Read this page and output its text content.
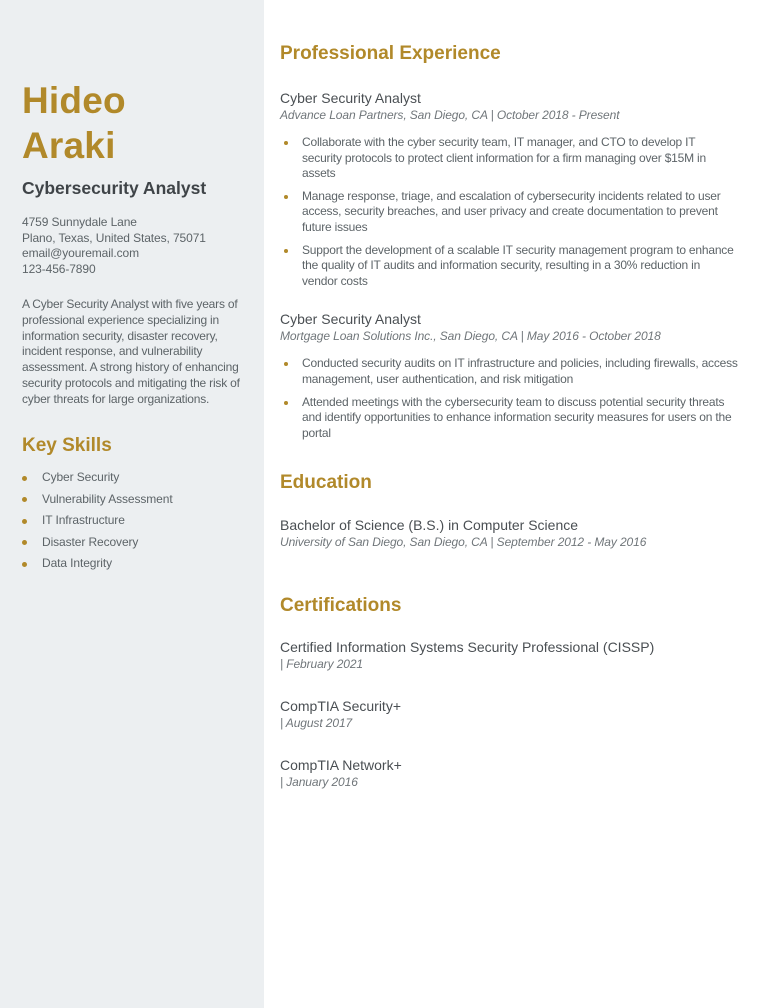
Hideo
Araki
Cybersecurity Analyst
4759 Sunnydale Lane
Plano, Texas, United States, 75071
email@youremail.com
123-456-7890
A Cyber Security Analyst with five years of professional experience specializing in information security, disaster recovery, incident response, and vulnerability assessment. A strong history of enhancing security protocols and mitigating the risk of cyber threats for large organizations.
Key Skills
Cyber Security
Vulnerability Assessment
IT Infrastructure
Disaster Recovery
Data Integrity
Professional Experience
Cyber Security Analyst
Advance Loan Partners, San Diego, CA | October 2018 - Present
Collaborate with the cyber security team, IT manager, and CTO to develop IT security protocols to protect client information for a firm managing over $15M in assets
Manage response, triage, and escalation of cybersecurity incidents related to user access, security breaches, and user privacy and create documentation to prevent future issues
Support the development of a scalable IT security management program to enhance the quality of IT audits and information security, resulting in a 30% reduction in vendor costs
Cyber Security Analyst
Mortgage Loan Solutions Inc., San Diego, CA | May 2016 - October 2018
Conducted security audits on IT infrastructure and policies, including firewalls, access management, user authentication, and risk mitigation
Attended meetings with the cybersecurity team to discuss potential security threats and identify opportunities to enhance information security measures for users on the portal
Education
Bachelor of Science (B.S.) in Computer Science
University of San Diego, San Diego, CA | September 2012 - May 2016
Certifications
Certified Information Systems Security Professional (CISSP)
| February 2021
CompTIA Security+
| August 2017
CompTIA Network+
| January 2016
